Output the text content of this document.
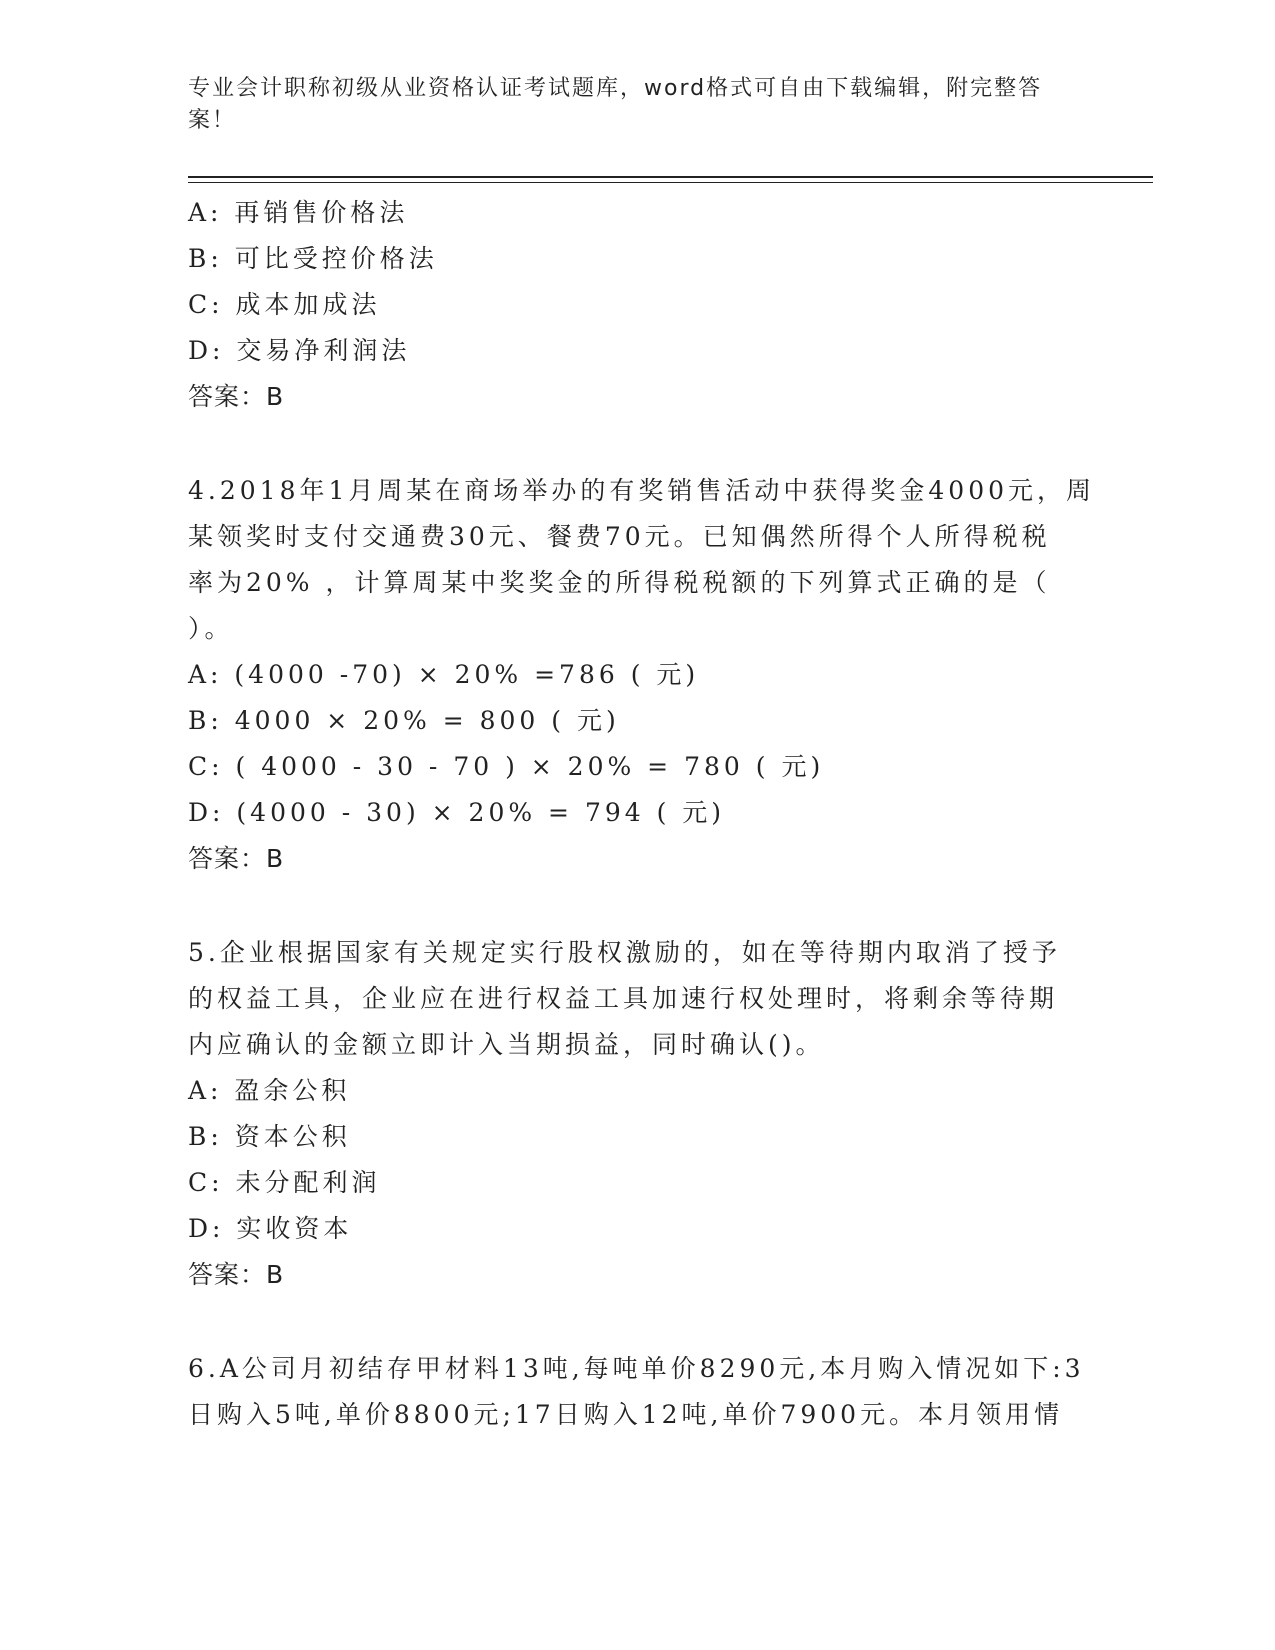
专业会计职称初级从业资格认证考试题库，word格式可自由下载编辑，附完整答案！
A: 再销售价格法
B: 可比受控价格法
C: 成本加成法
D: 交易净利润法
答案：B
4.2018年1月周某在商场举办的有奖销售活动中获得奖金4000元，周
某领奖时支付交通费30元、餐费70元。已知偶然所得个人所得税税
率为20% ，计算周某中奖奖金的所得税税额的下列算式正确的是（
）。
A: (4000 -70) × 20% =786 ( 元)
B: 4000 × 20% = 800 ( 元)
C: ( 4000 - 30 - 70 ) × 20% = 780 ( 元)
D: (4000 - 30) × 20% = 794 ( 元)
答案：B
5.企业根据国家有关规定实行股权激励的，如在等待期内取消了授予
的权益工具，企业应在进行权益工具加速行权处理时，将剩余等待期
内应确认的金额立即计入当期损益，同时确认()。
A: 盈余公积
B: 资本公积
C: 未分配利润
D: 实收资本
答案：B
6.A公司月初结存甲材料13吨,每吨单价8290元,本月购入情况如下:3
日购入5吨,单价8800元;17日购入12吨,单价7900元。本月领用情
